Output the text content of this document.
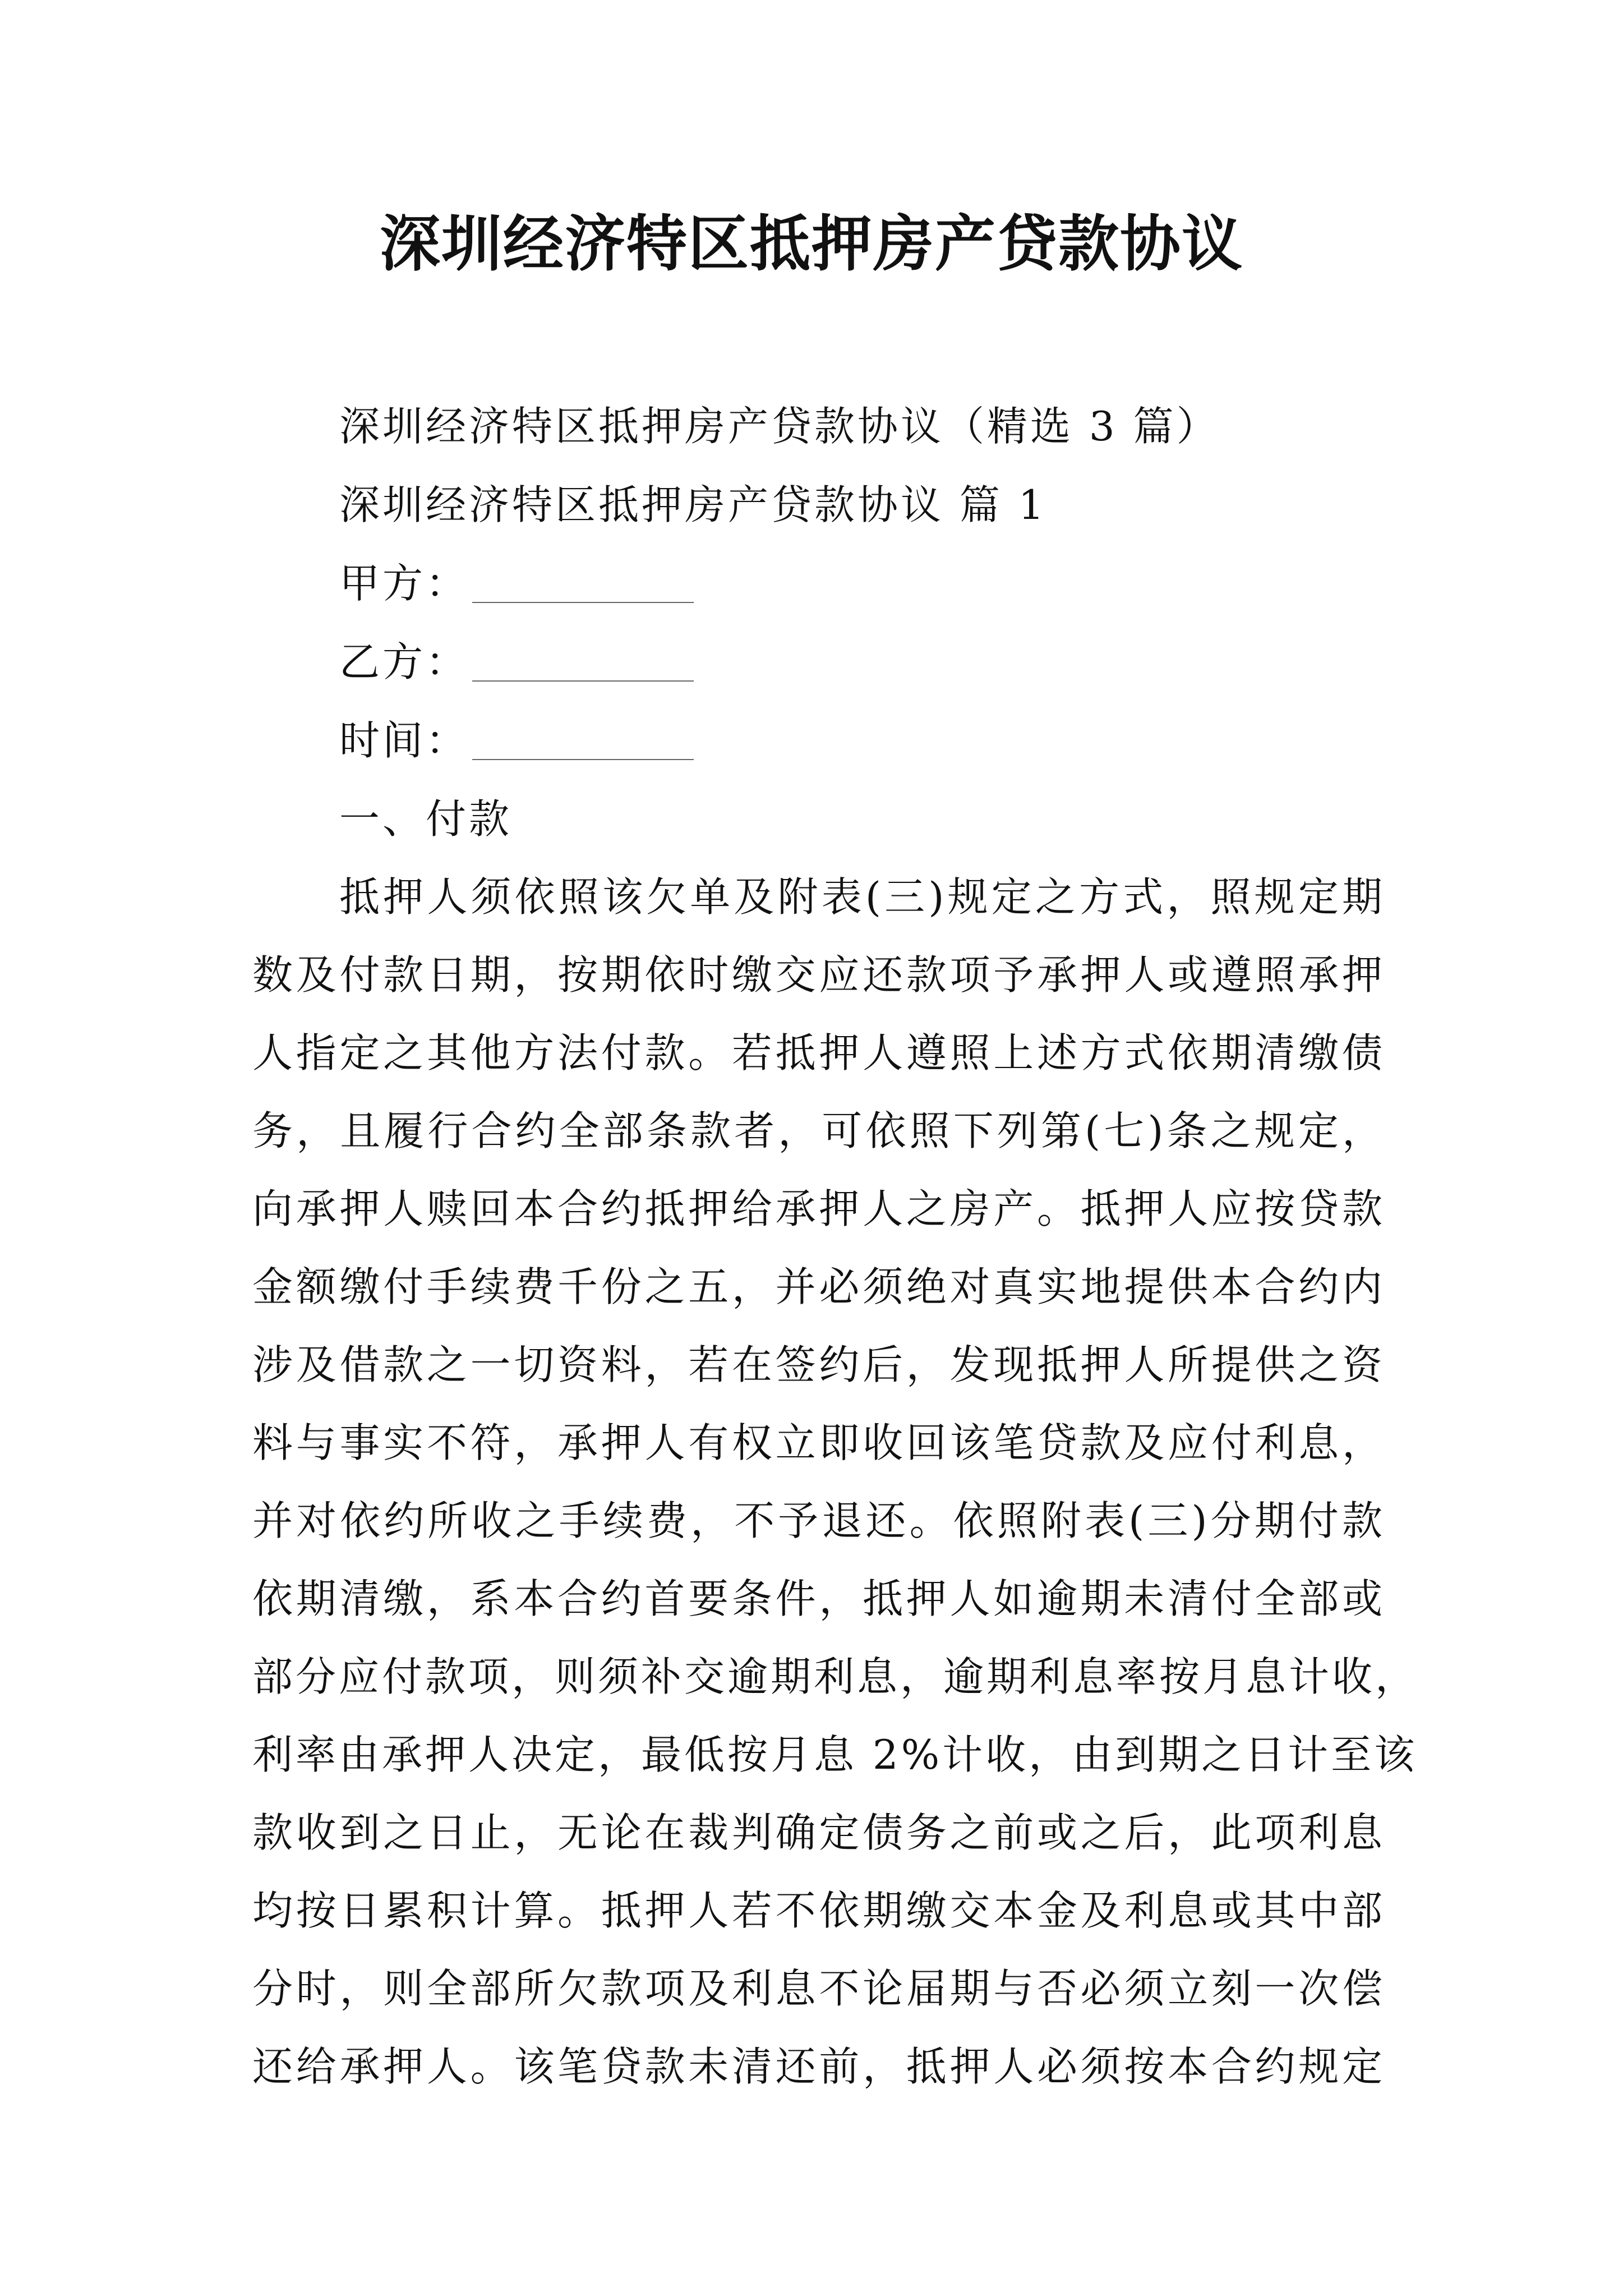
深圳经济特区抵押房产贷款协议
深圳经济特区抵押房产贷款协议（精选 3 篇）
深圳经济特区抵押房产贷款协议 篇 1
甲方：
乙方：
时间：
一、付款
抵押人须依照该欠单及附表(三)规定之方式，照规定期
数及付款日期，按期依时缴交应还款项予承押人或遵照承押
人指定之其他方法付款。若抵押人遵照上述方式依期清缴债
务，且履行合约全部条款者，可依照下列第(七)条之规定，
向承押人赎回本合约抵押给承押人之房产。抵押人应按贷款
金额缴付手续费千份之五，并必须绝对真实地提供本合约内
涉及借款之一切资料，若在签约后，发现抵押人所提供之资
料与事实不符，承押人有权立即收回该笔贷款及应付利息，
并对依约所收之手续费，不予退还。依照附表(三)分期付款
依期清缴，系本合约首要条件，抵押人如逾期未清付全部或
部分应付款项，则须补交逾期利息，逾期利息率按月息计收，
利率由承押人决定，最低按月息 2%计收，由到期之日计至该
款收到之日止，无论在裁判确定债务之前或之后，此项利息
均按日累积计算。抵押人若不依期缴交本金及利息或其中部
分时，则全部所欠款项及利息不论届期与否必须立刻一次偿
还给承押人。该笔贷款未清还前，抵押人必须按本合约规定
